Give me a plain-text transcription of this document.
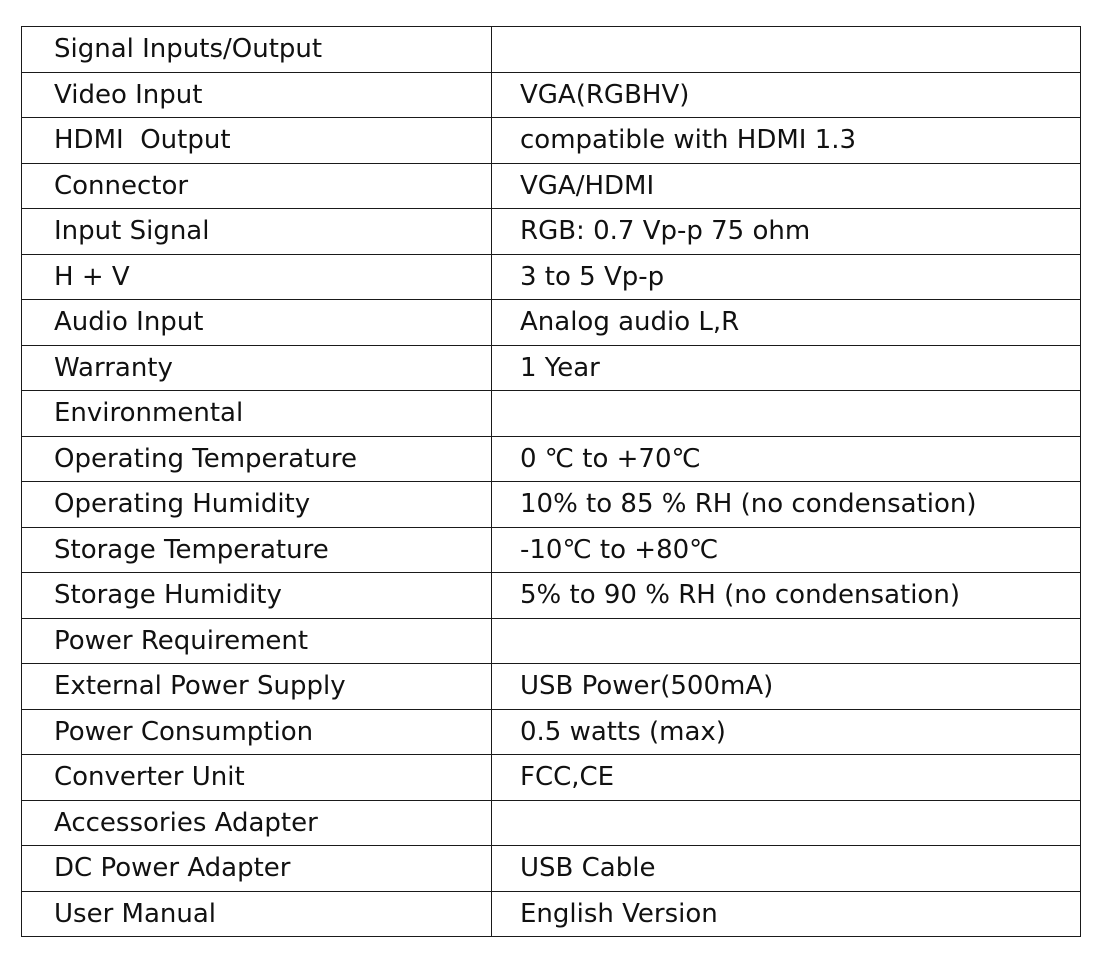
Signal Inputs/Output	
Video Input	VGA(RGBHV)
HDMI  Output	compatible with HDMI 1.3
Connector	VGA/HDMI
Input Signal	RGB: 0.7 Vp-p 75 ohm
H + V	3 to 5 Vp-p
Audio Input	Analog audio L,R
Warranty	1 Year
Environmental	
Operating Temperature	0 ℃ to +70℃
Operating Humidity	10% to 85 % RH (no condensation)
Storage Temperature	-10℃ to +80℃
Storage Humidity	5% to 90 % RH (no condensation)
Power Requirement	
External Power Supply	USB Power(500mA)
Power Consumption	0.5 watts (max)
Converter Unit	FCC,CE
Accessories Adapter	
DC Power Adapter	USB Cable
User Manual	English Version
